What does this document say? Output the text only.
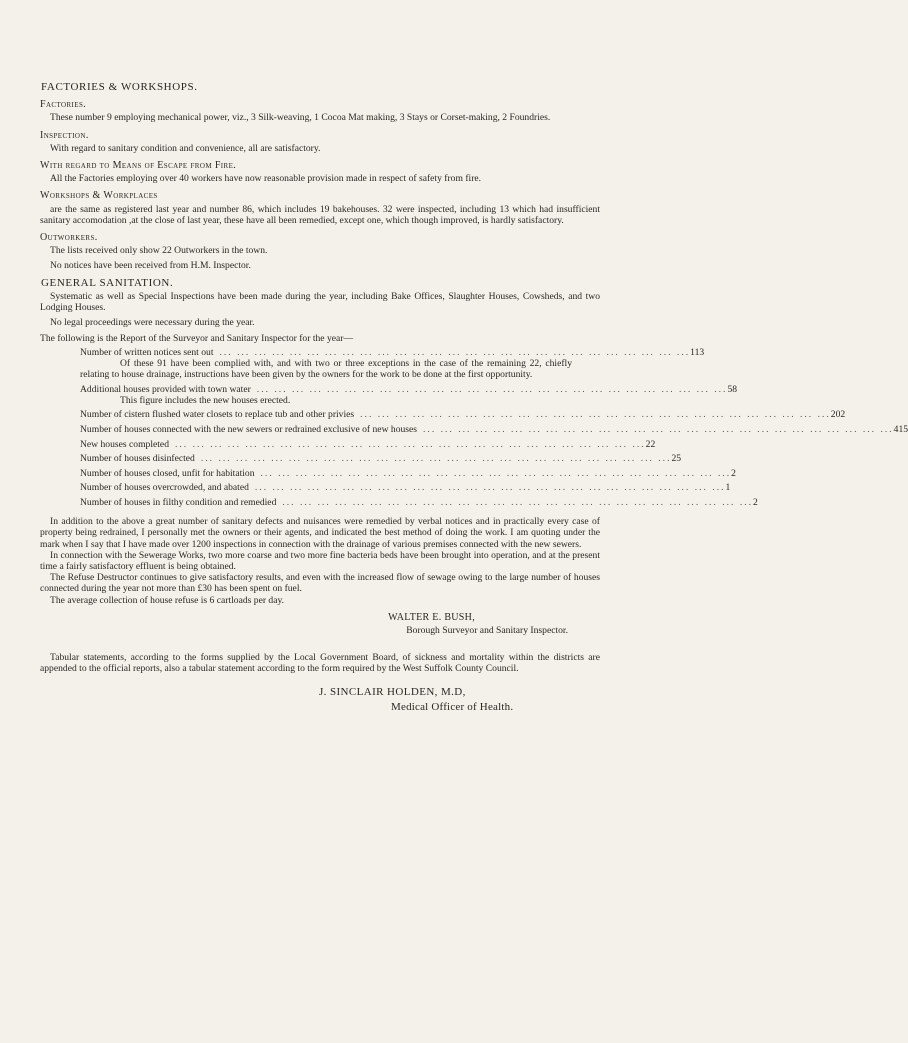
FACTORIES & WORKSHOPS.
Factories.

These number 9 employing mechanical power, viz., 3 Silk-weaving, 1 Cocoa Mat making, 3 Stays or Corset-making, 2 Foundries.

Inspection.

With regard to sanitary condition and convenience, all are satisfactory.

With regard to Means of Escape from Fire.

All the Factories employing over 40 workers have now reasonable provision made in respect of safety from fire.

Workshops & Workplaces

are the same as registered last year and number 86, which includes 19 bakehouses. 32 were inspected, including 13 which had insufficient sanitary accomodation ,at the close of last year, these have all been remedied, except one, which though improved, is hardly satisfactory.

Outworkers.

The lists received only show 22 Outworkers in the town.

No notices have been received from H.M. Inspector.

GENERAL SANITATION.

Systematic as well as Special Inspections have been made during the year, including Bake Offices, Slaughter Houses, Cowsheds, and two Lodging Houses.

No legal proceedings were necessary during the year.

The following is the Report of the Surveyor and Sanitary Inspector for the year—

Number of written notices sent out ... ... ... ... ... ... ... ... ... ... ... ... ... ... ... ... ... ... ... ... ... ... ... ... ... ... ... 113

Of these 91 have been complied with, and with two or three exceptions in the case of the remaining 22, chiefly relating to house drainage, instructions have been given by the owners for the work to be done at the first opportunity.

Additional houses provided with town water ... ... ... ... ... ... ... ... ... ... ... ... ... ... ... ... ... ... ... ... ... ... ... ... ... ... ... 58

This figure includes the new houses erected.

Number of cistern flushed water closets to replace tub and other privies ... ... ... ... ... ... ... ... ... ... ... ... ... ... ... ... ... ... ... ... ... ... ... ... ... ... ... 202
Number of houses connected with the new sewers or redrained exclusive of new houses ... ... ... ... ... ... ... ... ... ... ... ... ... ... ... ... ... ... ... ... ... ... ... ... ... ... ... 415
New houses completed ... ... ... ... ... ... ... ... ... ... ... ... ... ... ... ... ... ... ... ... ... ... ... ... ... ... ... 22
Number of houses disinfected ... ... ... ... ... ... ... ... ... ... ... ... ... ... ... ... ... ... ... ... ... ... ... ... ... ... ... 25
Number of houses closed, unfit for habitation ... ... ... ... ... ... ... ... ... ... ... ... ... ... ... ... ... ... ... ... ... ... ... ... ... ... ... 2
Number of houses overcrowded, and abated ... ... ... ... ... ... ... ... ... ... ... ... ... ... ... ... ... ... ... ... ... ... ... ... ... ... ... 1
Number of houses in filthy condition and remedied ... ... ... ... ... ... ... ... ... ... ... ... ... ... ... ... ... ... ... ... ... ... ... ... ... ... ... 2

In addition to the above a great number of sanitary defects and nuisances were remedied by verbal notices and in practically every case of property being redrained, I personally met the owners or their agents, and indicated the best method of doing the work. I am quoting under the mark when I say that I have made over 1200 inspections in connection with the drainage of various premises connected with the new sewers.

In connection with the Sewerage Works, two more coarse and two more fine bacteria beds have been brought into operation, and at the present time a fairly satisfactory effluent is being obtained.

The Refuse Destructor continues to give satisfactory results, and even with the increased flow of sewage owing to the large number of houses connected during the year not more than £30 has been spent on fuel.

The average collection of house refuse is 6 cartloads per day.

WALTER E. BUSH,
Borough Surveyor and Sanitary Inspector.

Tabular statements, according to the forms supplied by the Local Government Board, of sickness and mortality within the districts are appended to the official reports, also a tabular statement according to the form required by the West Suffolk County Council.

J. SINCLAIR HOLDEN, M.D,
Medical Officer of Health.
